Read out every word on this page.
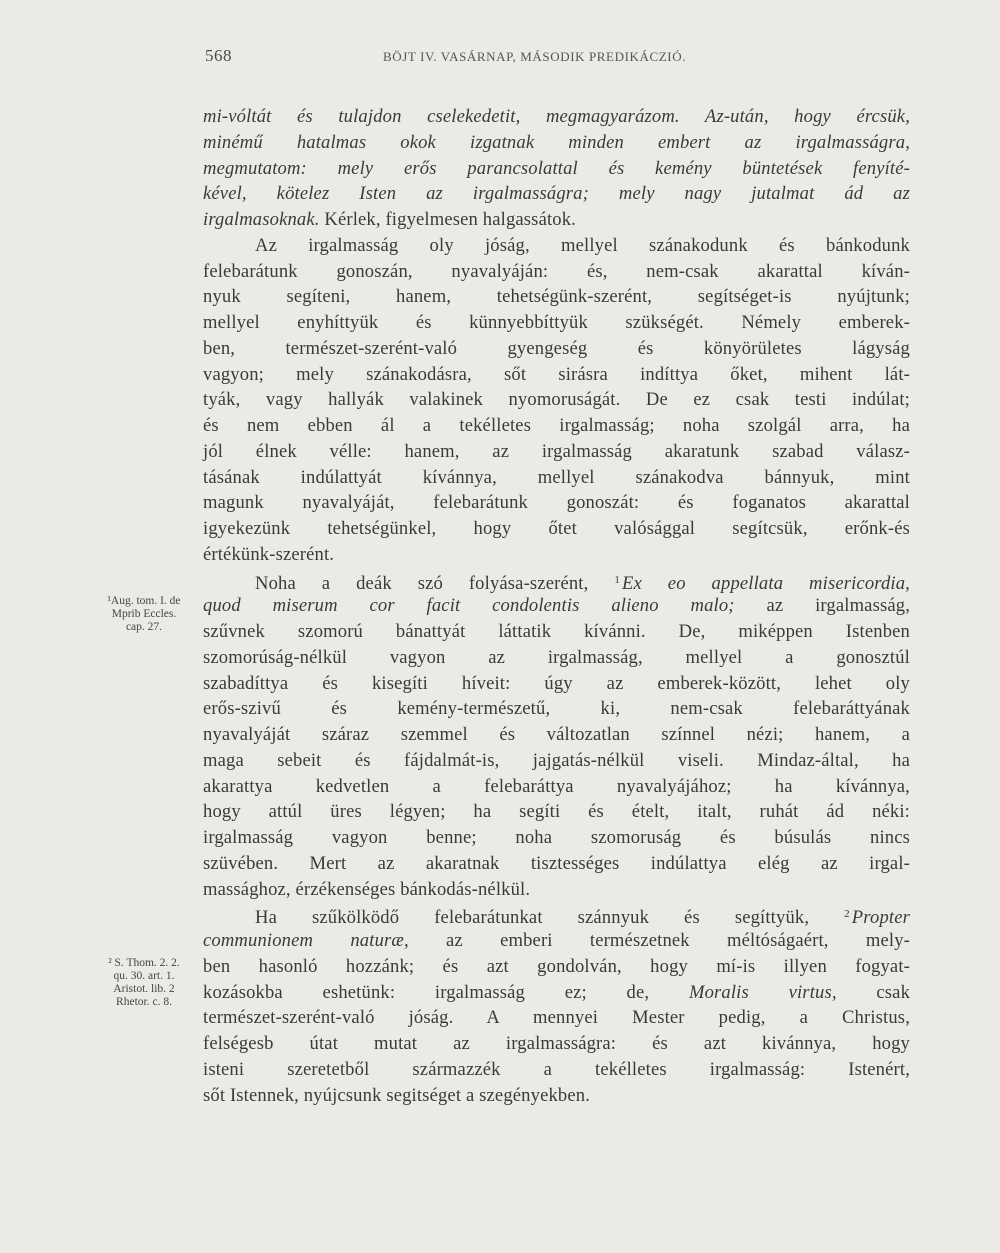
568	BÖJT IV. VASÁRNAP, MÁSODIK PREDIKÁCZIÓ.
mi-vóltát és tulajdon cselekedetit, megmagyarázom. Az-után, hogy ércsük,
minémű hatalmas okok izgatnak minden embert az irgalmasságra,
megmutatom: mely erős parancsolattal és kemény büntetések fenyíté-
kével, kötelez Isten az irgalmasságra; mely nagy jutalmat ád az
irgalmasoknak. Kérlek, figyelmesen halgassátok.
Az irgalmasság oly jóság, mellyel szánakodunk és bánkodunk
felebarátunk gonoszán, nyavalyáján: és, nem-csak akarattal kíván-
nyuk segíteni, hanem, tehetségünk-szerént, segítséget-is nyújtunk;
mellyel enyhíttyük és künnyebbíttyük szükségét. Némely emberek-
ben, természet-szerént-való gyengeség és könyörületes lágyság
vagyon; mely szánakodásra, sőt sirásra indíttya őket, mihent lát-
tyák, vagy hallyák valakinek nyomoruságát. De ez csak testi indúlat;
és nem ebben ál a tekélletes irgalmasság; noha szolgál arra, ha
jól élnek vélle: hanem, az irgalmasság akaratunk szabad válasz-
tásának indúlattyát kívánnya, mellyel szánakodva bánnyuk, mint
magunk nyavalyáját, felebarátunk gonoszát: és foganatos akarattal
igyekezünk tehetségünkel, hogy őtet valósággal segítcsük, erőnk-és
értékünk-szerént.
Noha a deák szó folyása-szerént, $^1$ Ex eo appellata misericordia,
quod miserum cor facit condolentis alieno malo; az irgalmasság,
szűvnek szomorú bánattyát láttatik kívánni. De, miképpen Istenben
szomorúság-nélkül vagyon az irgalmasság, mellyel a gonosztúl
szabadíttya és kisegíti híveit: úgy az emberek-között, lehet oly
erős-szivű és kemény-természetű, ki, nem-csak felebaráttyának
nyavalyáját száraz szemmel és változatlan színnel nézi; hanem, a
maga sebeit és fájdalmát-is, jajgatás-nélkül viseli. Mindaz-által, ha
akarattya kedvetlen a felebaráttya nyavalyájához; ha kívánnya,
hogy attúl üres légyen; ha segíti és ételt, italt, ruhát ád néki:
irgalmasság vagyon benne; noha szomoruság és búsulás nincs
szüvében. Mert az akaratnak tisztességes indúlattya elég az irgal-
massághoz, érzékenséges bánkodás-nélkül.
Ha szűkölködő felebarátunkat szánnyuk és segíttyük, $^2$ Propter
communionem naturæ, az emberi természetnek méltóságaért, mely-
ben hasonló hozzánk; és azt gondolván, hogy mí-is illyen fogyat-
kozásokba eshetünk: irgalmasság ez; de, Moralis virtus, csak
természet-szerént-való jóság. A mennyei Mester pedig, a Christus,
felségesb útat mutat az irgalmasságra: és azt kivánnya, hogy
isteni szeretetből származzék a tekélletes irgalmasság: Istenért,
sőt Istennek, nyújcsunk segitséget a szegényekben.
¹Aug. tom. I. de
Mprib Eccles.
cap. 27.
² S. Thom. 2. 2.
qu. 30. art. 1.
Aristot. lib. 2
Rhetor. c. 8.
